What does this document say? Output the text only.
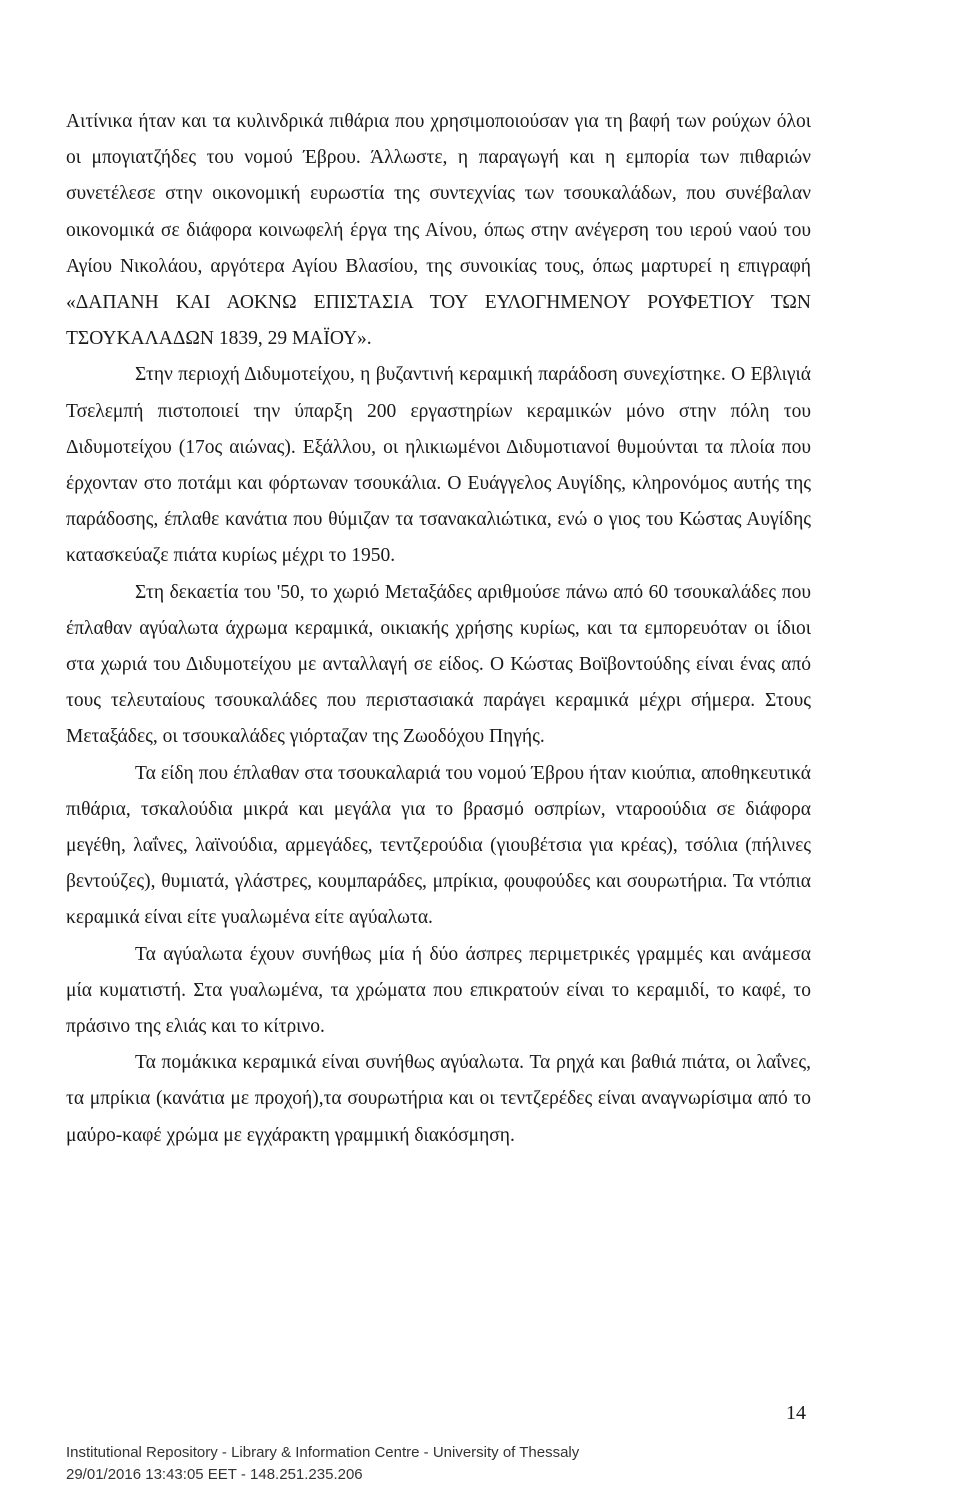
Αιτίνικα ήταν και τα κυλινδρικά πιθάρια που χρησιμοποιούσαν για τη βαφή των ρούχων όλοι οι μπογιατζήδες του νομού Έβρου. Άλλωστε, η παραγωγή και η εμπορία των πιθαριών συνετέλεσε στην οικονομική ευρωστία της συντεχνίας των τσουκαλάδων, που συνέβαλαν οικονομικά σε διάφορα κοινωφελή έργα της Αίνου, όπως στην ανέγερση του ιερού ναού του Αγίου Νικολάου, αργότερα Αγίου Βλασίου, της συνοικίας τους, όπως μαρτυρεί η επιγραφή «ΔΑΠΑΝΗ ΚΑΙ ΑΟΚΝΩ ΕΠΙΣΤΑΣΙΑ ΤΟΥ ΕΥΛΟΓΗΜΕΝΟΥ ΡΟΥΦΕΤΙΟΥ ΤΩΝ ΤΣΟΥΚΑΛΑΔΩΝ 1839, 29 ΜΑΪΟΥ».

Στην περιοχή Διδυμοτείχου, η βυζαντινή κεραμική παράδοση συνεχίστηκε. Ο Εβλιγιά Τσελεμπή πιστοποιεί την ύπαρξη 200 εργαστηρίων κεραμικών μόνο στην πόλη του Διδυμοτείχου (17ος αιώνας). Εξάλλου, οι ηλικιωμένοι Διδυμοτιανοί θυμούνται τα πλοία που έρχονταν στο ποτάμι και φόρτωναν τσουκάλια. Ο Ευάγγελος Αυγίδης, κληρονόμος αυτής της παράδοσης, έπλαθε κανάτια που θύμιζαν τα τσανακαλιώτικα, ενώ ο γιος του Κώστας Αυγίδης κατασκεύαζε πιάτα κυρίως μέχρι το 1950.

Στη δεκαετία του '50, το χωριό Μεταξάδες αριθμούσε πάνω από 60 τσουκαλάδες που έπλαθαν αγύαλωτα άχρωμα κεραμικά, οικιακής χρήσης κυρίως, και τα εμπορευόταν οι ίδιοι στα χωριά του Διδυμοτείχου με ανταλλαγή σε είδος. Ο Κώστας Βοϊβοντούδης είναι ένας από τους τελευταίους τσουκαλάδες που περιστασιακά παράγει κεραμικά μέχρι σήμερα. Στους Μεταξάδες, οι τσουκαλάδες γιόρταζαν της Ζωοδόχου Πηγής.

Τα είδη που έπλαθαν στα τσουκαλαριά του νομού Έβρου ήταν κιούπια, αποθηκευτικά πιθάρια, τσκαλούδια μικρά και μεγάλα για το βρασμό οσπρίων, νταροούδια σε διάφορα μεγέθη, λαΐνες, λαϊνούδια, αρμεγάδες, τεντζερούδια (γιουβέτσια για κρέας), τσόλια (πήλινες βεντούζες), θυμιατά, γλάστρες, κουμπαράδες, μπρίκια, φουφούδες και σουρωτήρια. Τα ντόπια κεραμικά είναι είτε γυαλωμένα είτε αγύαλωτα.

Τα αγύαλωτα έχουν συνήθως μία ή δύο άσπρες περιμετρικές γραμμές και ανάμεσα μία κυματιστή. Στα γυαλωμένα, τα χρώματα που επικρατούν είναι το κεραμιδί, το καφέ, το πράσινο της ελιάς και το κίτρινο.

Τα πομάκικα κεραμικά είναι συνήθως αγύαλωτα. Τα ρηχά και βαθιά πιάτα, οι λαΐνες, τα μπρίκια (κανάτια με προχοή),τα σουρωτήρια και οι τεντζερέδες είναι αναγνωρίσιμα από το μαύρο-καφέ χρώμα με εγχάρακτη γραμμική διακόσμηση.

14
Institutional Repository - Library & Information Centre - University of Thessaly
29/01/2016 13:43:05 EET - 148.251.235.206
